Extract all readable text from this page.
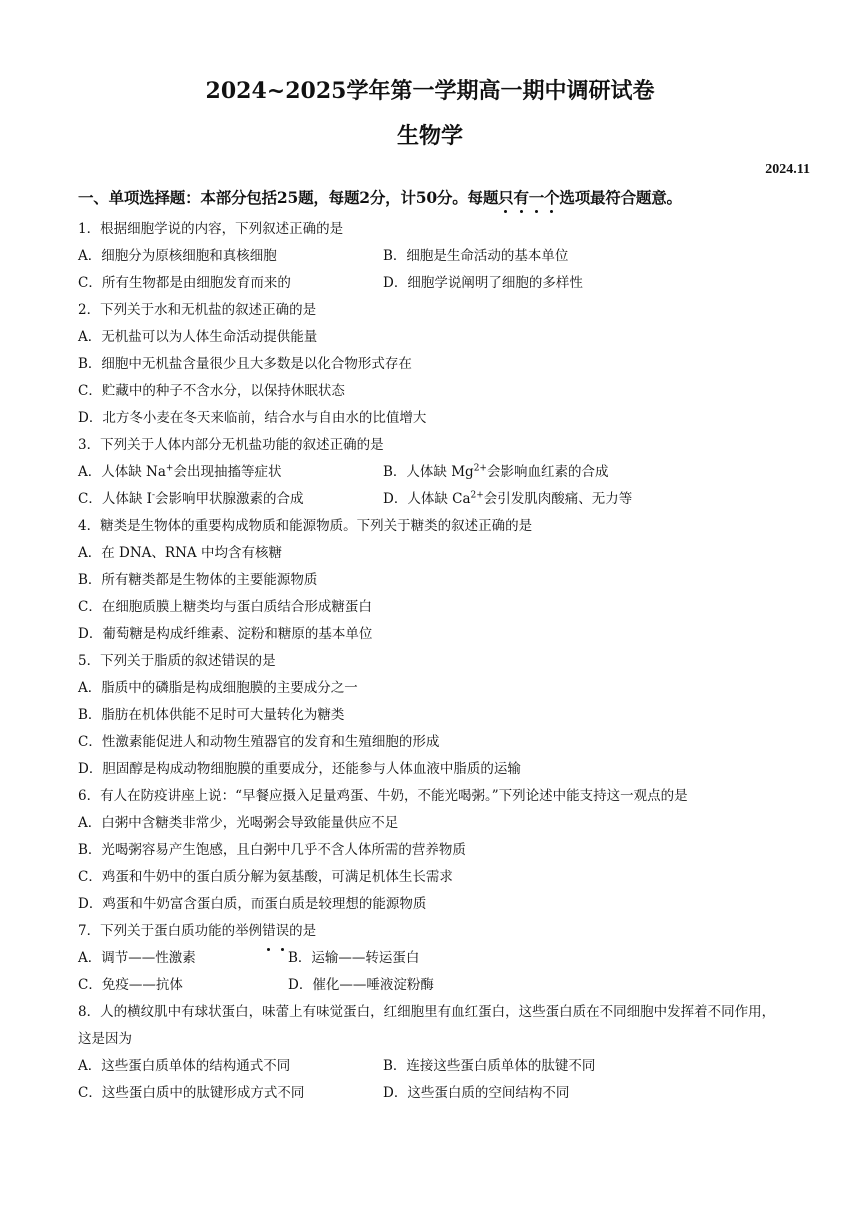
2024~2025学年第一学期高一期中调研试卷
生物学
2024.11
一、单项选择题：本部分包括25题，每题2分，计50分。每题只有一个选项最符合题意。
1．根据细胞学说的内容，下列叙述正确的是
A．细胞分为原核细胞和真核细胞	B．细胞是生命活动的基本单位
C．所有生物都是由细胞发育而来的	D．细胞学说阐明了细胞的多样性
2．下列关于水和无机盐的叙述正确的是
A．无机盐可以为人体生命活动提供能量
B．细胞中无机盐含量很少且大多数是以化合物形式存在
C．贮藏中的种子不含水分，以保持休眠状态
D．北方冬小麦在冬天来临前，结合水与自由水的比值增大
3．下列关于人体内部分无机盐功能的叙述正确的是
A．人体缺 Na+会出现抽搐等症状	B．人体缺 $Mg^{2+}$会影响血红素的合成
C．人体缺 I-会影响甲状腺激素的合成	D．人体缺 $Ca^{2+}$会引发肌肉酸痛、无力等
4．糖类是生物体的重要构成物质和能源物质。下列关于糖类的叙述正确的是
A．在 DNA、RNA 中均含有核糖
B．所有糖类都是生物体的主要能源物质
C．在细胞质膜上糖类均与蛋白质结合形成糖蛋白
D．葡萄糖是构成纤维素、淀粉和糖原的基本单位
5．下列关于脂质的叙述错误的是
A．脂质中的磷脂是构成细胞膜的主要成分之一
B．脂肪在机体供能不足时可大量转化为糖类
C．性激素能促进人和动物生殖器官的发育和生殖细胞的形成
D．胆固醇是构成动物细胞膜的重要成分，还能参与人体血液中脂质的运输
6．有人在防疫讲座上说：“早餐应摄入足量鸡蛋、牛奶，不能光喝粥。”下列论述中能支持这一观点的是
A．白粥中含糖类非常少，光喝粥会导致能量供应不足
B．光喝粥容易产生饱感，且白粥中几乎不含人体所需的营养物质
C．鸡蛋和牛奶中的蛋白质分解为氨基酸，可满足机体生长需求
D．鸡蛋和牛奶富含蛋白质，而蛋白质是较理想的能源物质
7．下列关于蛋白质功能的举例 错 误 的是
A．调节——性激素	B．运输——转运蛋白
C．免疫——抗体	D．催化——唾液淀粉酶
8．人的横纹肌中有球状蛋白，味蕾上有味觉蛋白，红细胞里有血红蛋白，这些蛋白质在不同细胞中发挥着不同作用，这是因为
A．这些蛋白质单体的结构通式不同	B．连接这些蛋白质单体的肽键不同
C．这些蛋白质中的肽键形成方式不同	D．这些蛋白质的空间结构不同
